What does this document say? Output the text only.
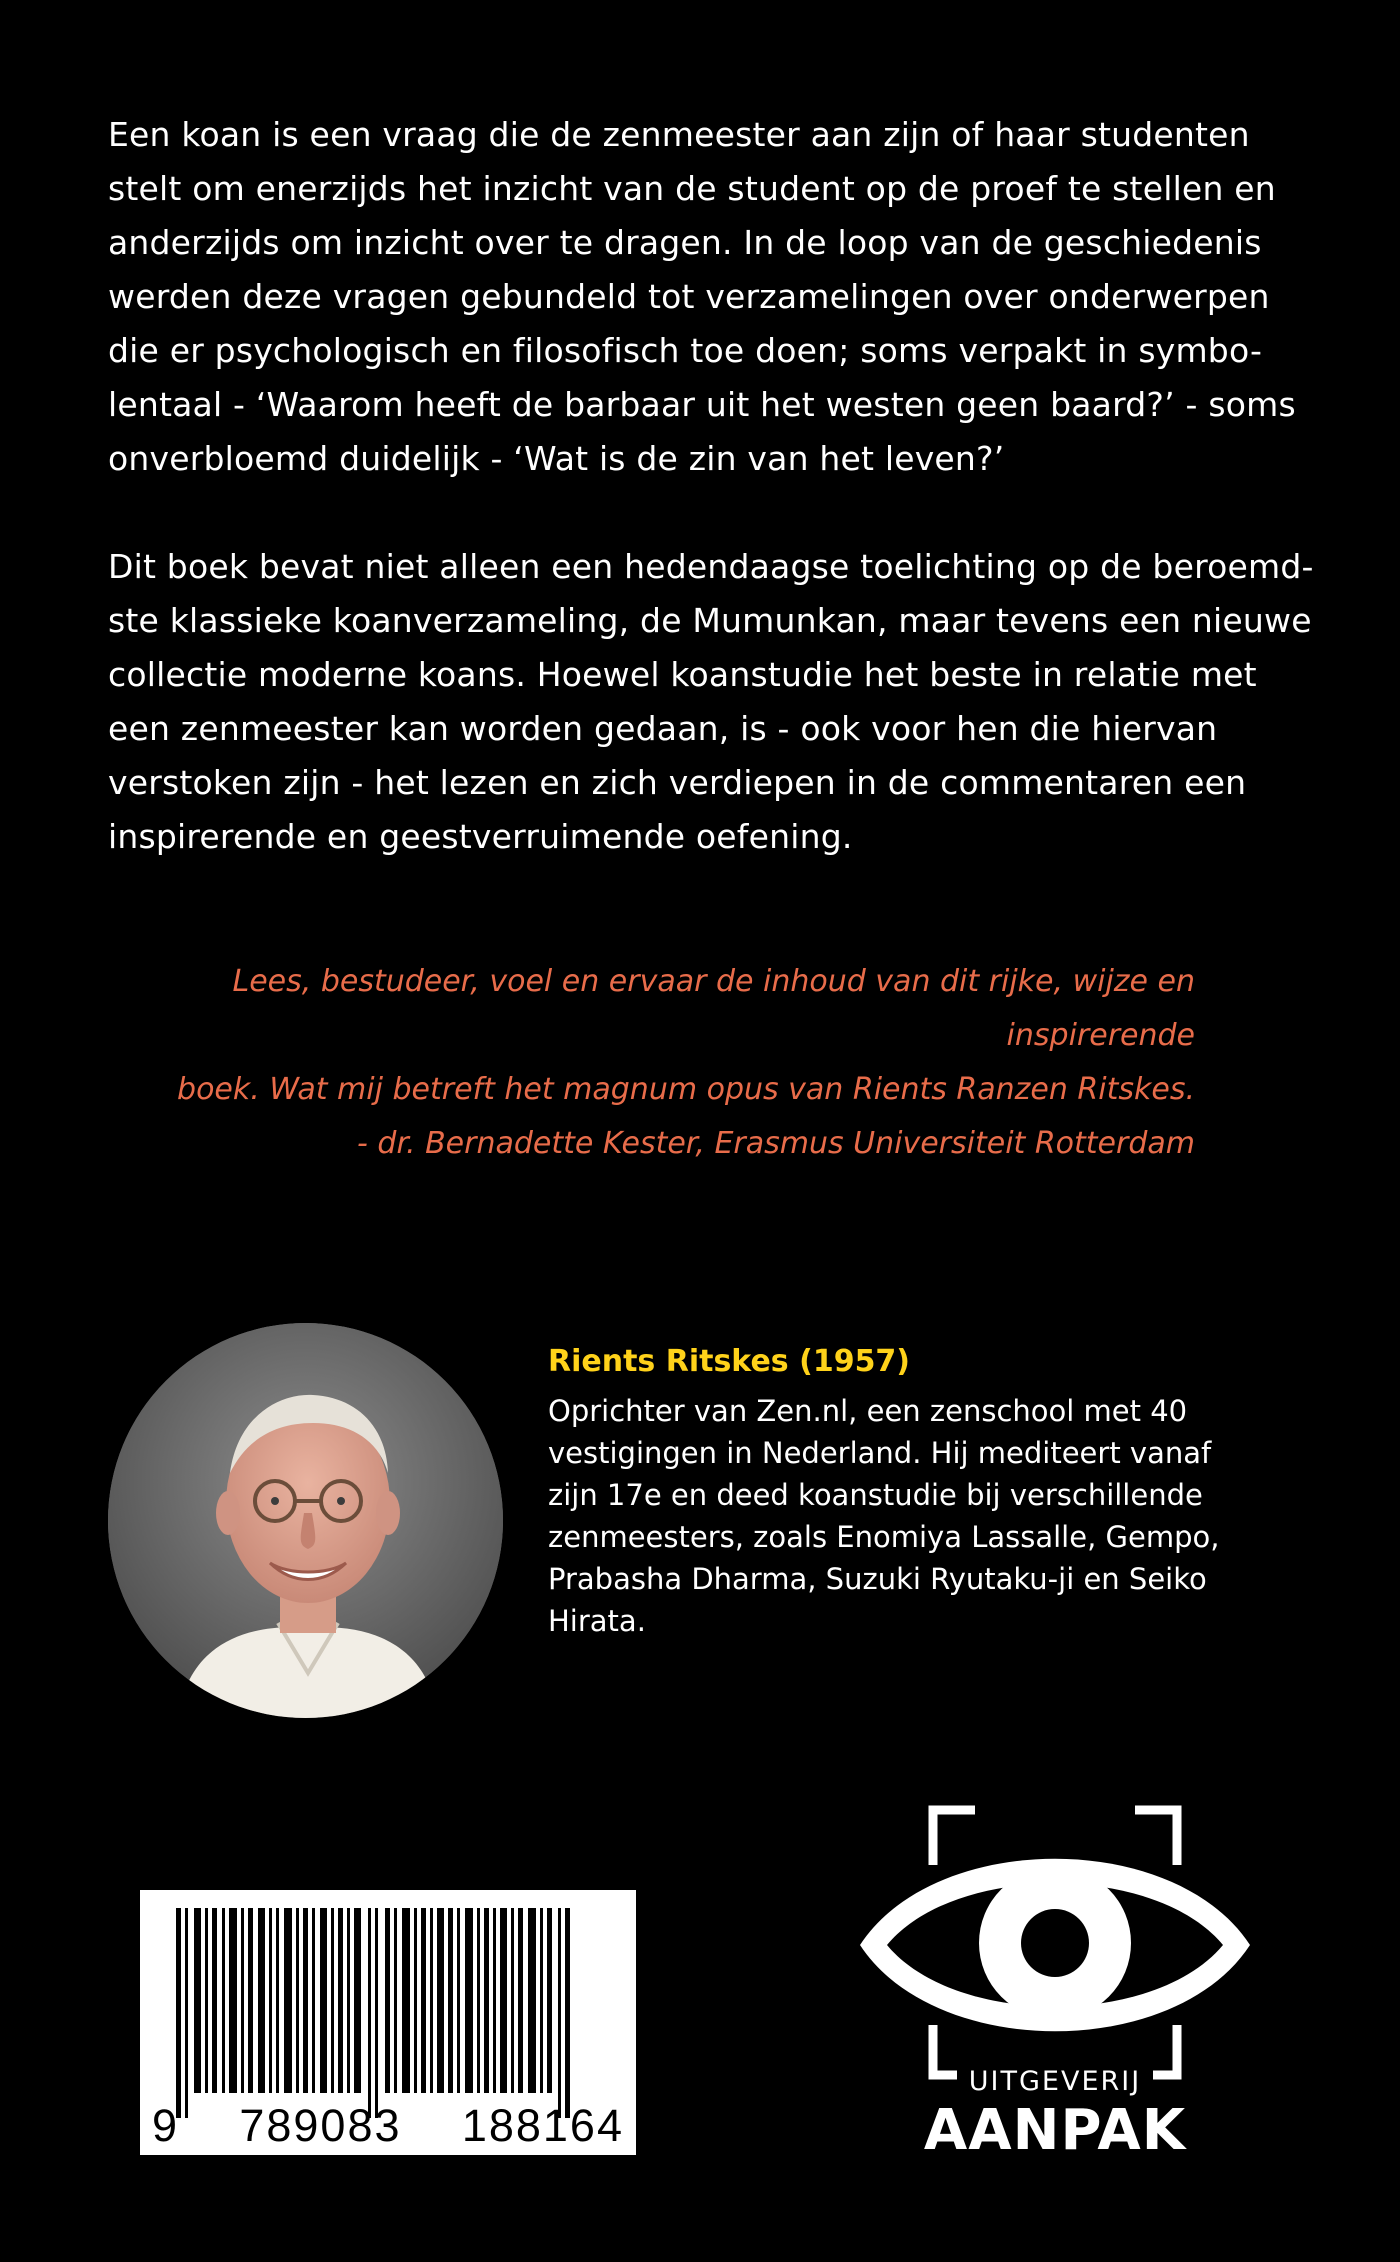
Een koan is een vraag die de zenmeester aan zijn of haar studenten
stelt om enerzijds het inzicht van de student op de proef te stellen en
anderzijds om inzicht over te dragen. In de loop van de geschiedenis
werden deze vragen gebundeld tot verzamelingen over onderwerpen
die er psychologisch en filosofisch toe doen; soms verpakt in symbo-
lentaal - ‘Waarom heeft de barbaar uit het westen geen baard?’ - soms
onverbloemd duidelijk - ‘Wat is de zin van het leven?’

Dit boek bevat niet alleen een hedendaagse toelichting op de beroemd-
ste klassieke koanverzameling, de Mumunkan, maar tevens een nieuwe
collectie moderne koans. Hoewel koanstudie het beste in relatie met
een zenmeester kan worden gedaan, is - ook voor hen die hiervan
verstoken zijn - het lezen en zich verdiepen in de commentaren een
inspirerende en geestverruimende oefening.

Lees, bestudeer, voel en ervaar de inhoud van dit rijke, wijze en inspirerende
boek. Wat mij betreft het magnum opus van Rients Ranzen Ritskes.
- dr. Bernadette Kester, Erasmus Universiteit Rotterdam
Rients Ritskes (1957)
Oprichter van Zen.nl, een zenschool met 40
vestigingen in Nederland. Hij mediteert vanaf
zijn 17e en deed koanstudie bij verschillende
zenmeesters, zoals Enomiya Lassalle, Gempo,
Prabasha Dharma, Suzuki Ryutaku-ji en Seiko
Hirata.
9 789083 188164
UITGEVERIJ
AANPAK
